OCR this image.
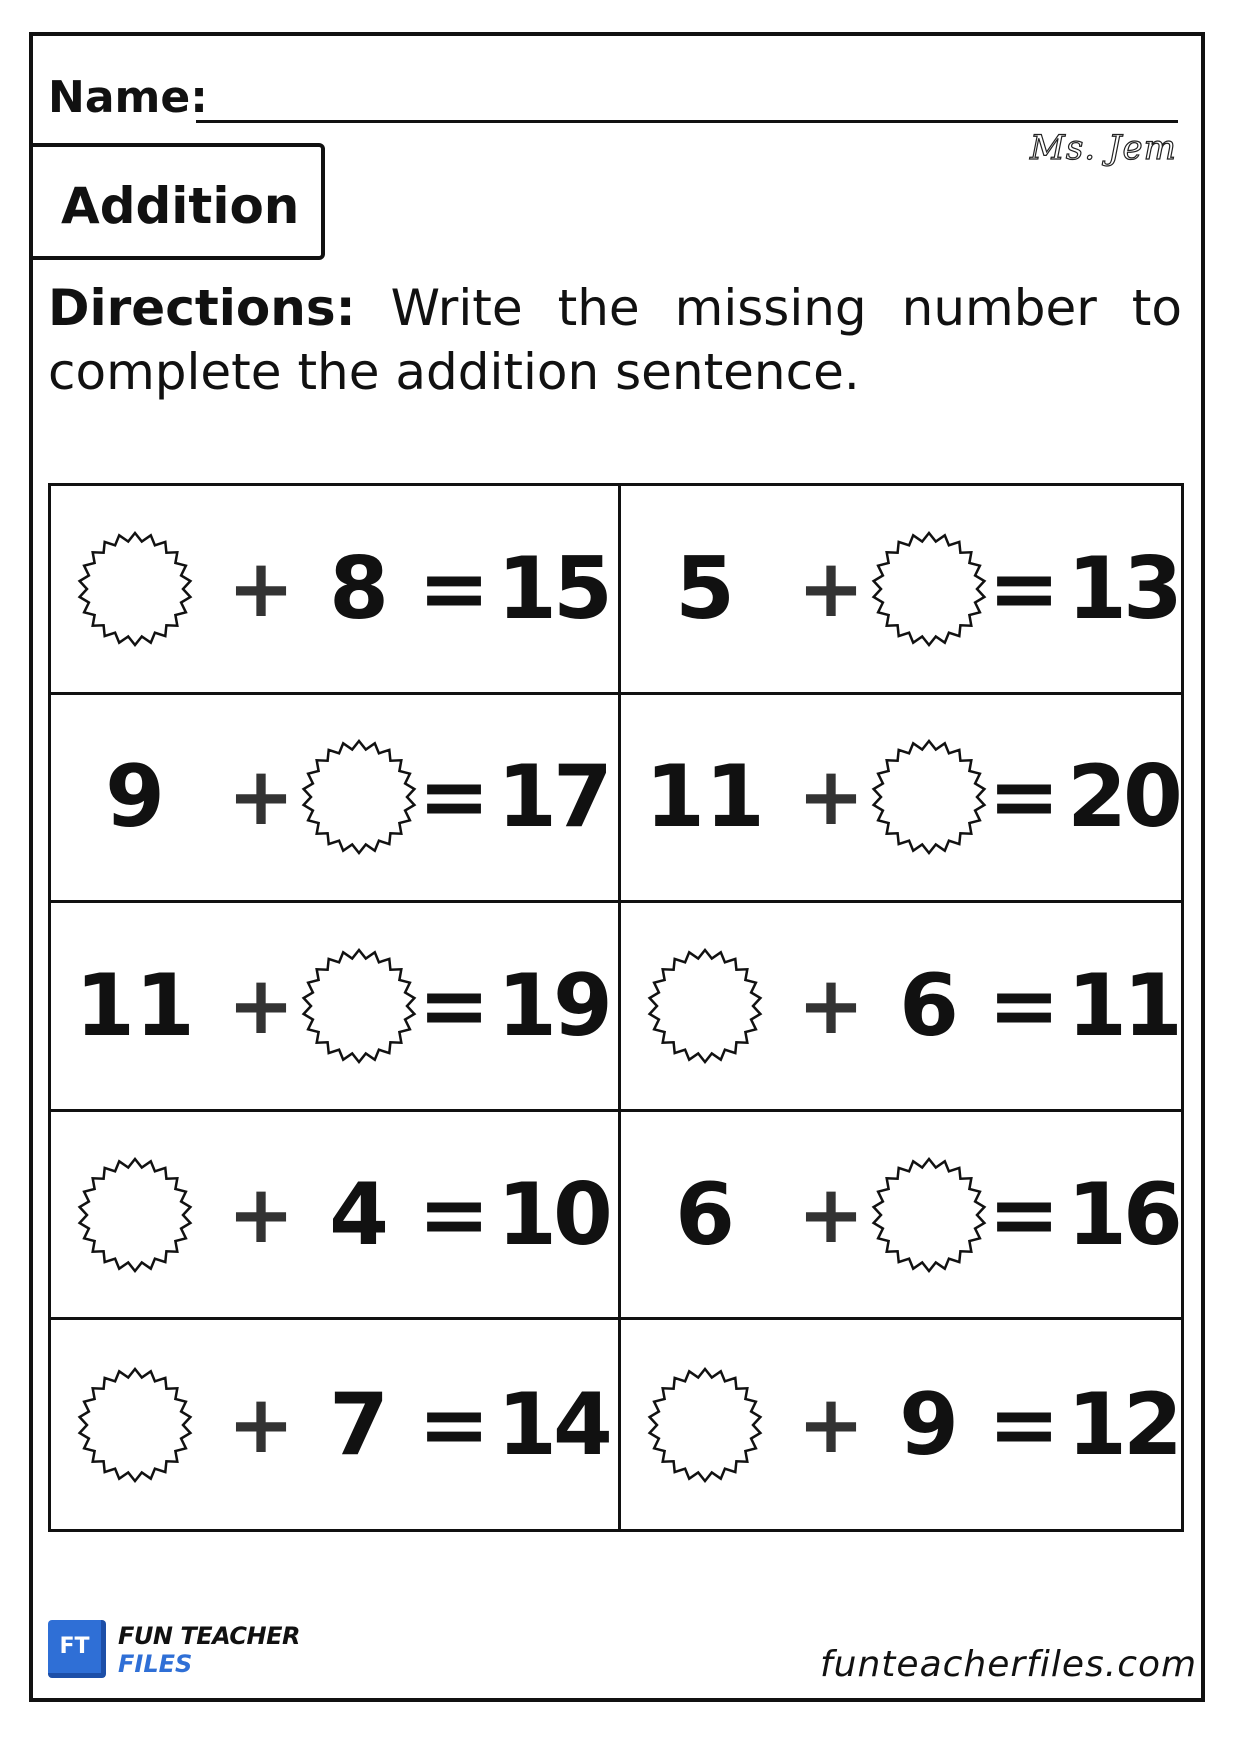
Name:
Ms. Jem
Addition
Directions: Write the missing number to complete the addition sentence.
+ 8 = 15 5 + = 13
9 + = 17 11 + = 20
11 + = 19 + 6 = 11
+ 4 = 10 6 + = 16
+ 7 = 14 + 9 = 12
FT	FUN TEACHER
FILES	funteacherfiles.com
